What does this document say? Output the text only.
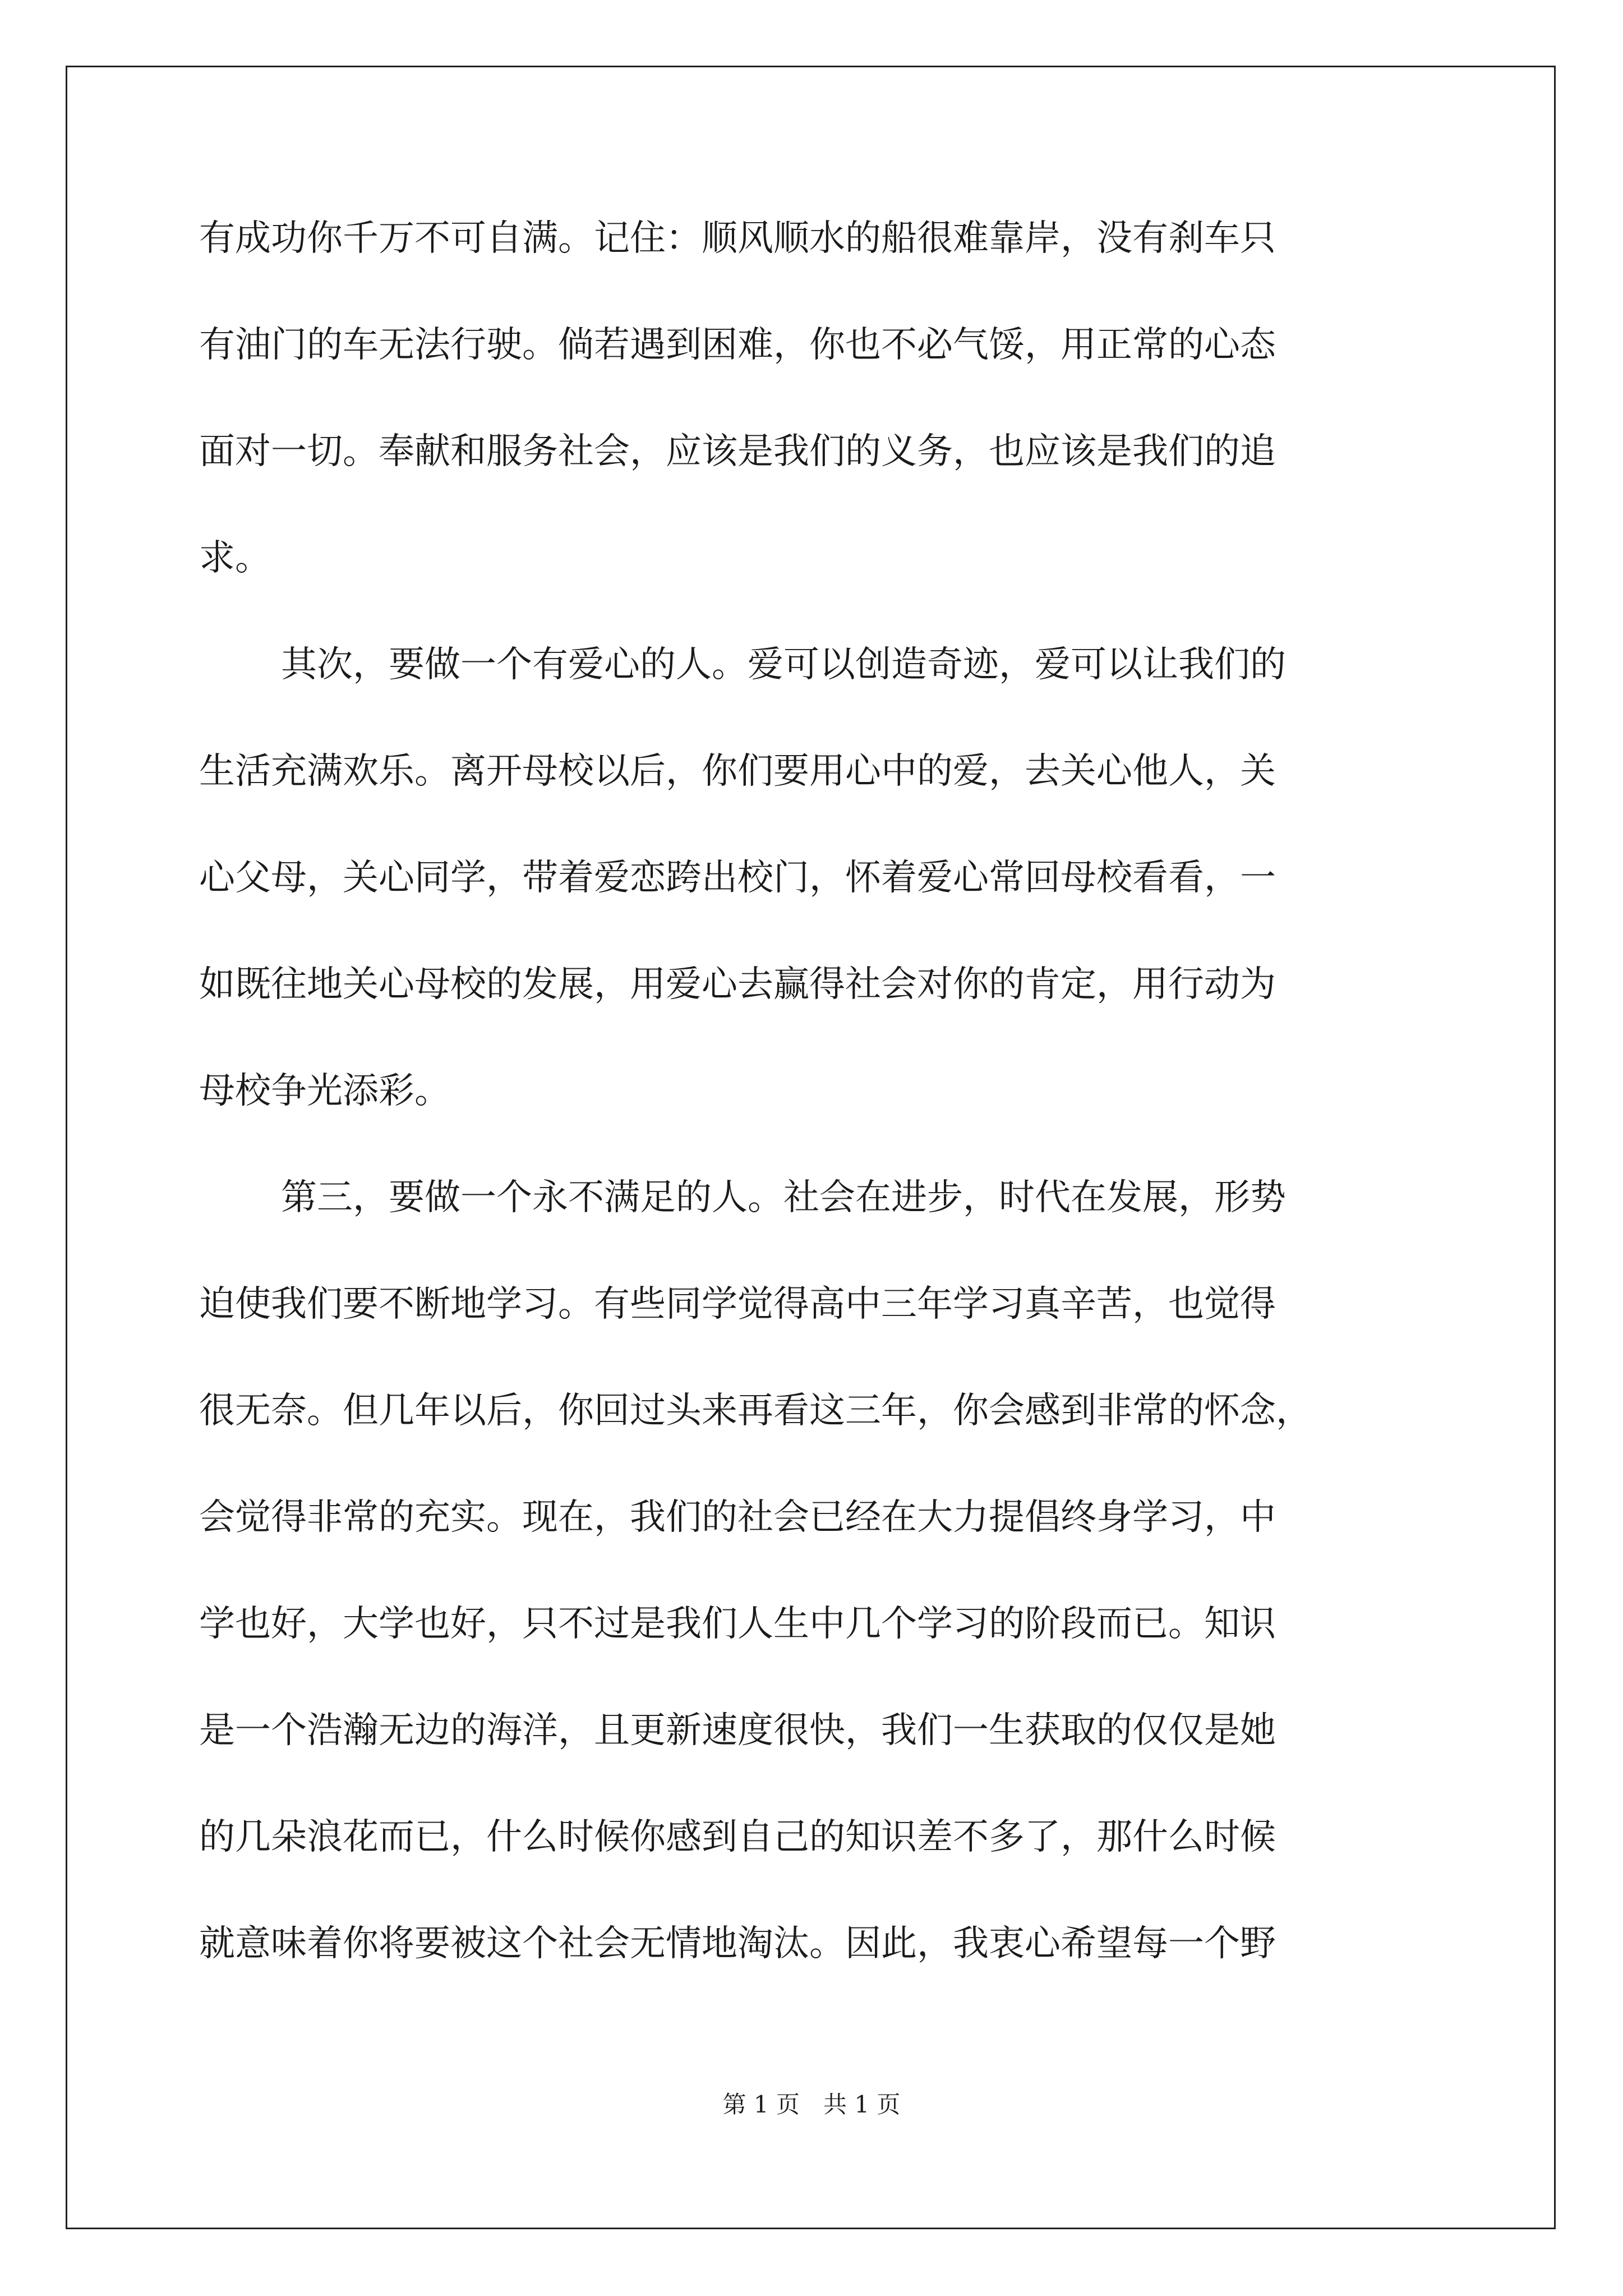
有成功你千万不可自满。记住：顺风顺水的船很难靠岸，没有刹车只
有油门的车无法行驶。倘若遇到困难，你也不必气馁，用正常的心态
面对一切。奉献和服务社会，应该是我们的义务，也应该是我们的追
求。
其次，要做一个有爱心的人。爱可以创造奇迹，爱可以让我们的
生活充满欢乐。离开母校以后，你们要用心中的爱，去关心他人，关
心父母，关心同学，带着爱恋跨出校门，怀着爱心常回母校看看，一
如既往地关心母校的发展，用爱心去赢得社会对你的肯定，用行动为
母校争光添彩。
第三，要做一个永不满足的人。社会在进步，时代在发展，形势
迫使我们要不断地学习。有些同学觉得高中三年学习真辛苦，也觉得
很无奈。但几年以后，你回过头来再看这三年，你会感到非常的怀念，
会觉得非常的充实。现在，我们的社会已经在大力提倡终身学习，中
学也好，大学也好，只不过是我们人生中几个学习的阶段而已。知识
是一个浩瀚无边的海洋，且更新速度很快，我们一生获取的仅仅是她
的几朵浪花而已，什么时候你感到自己的知识差不多了，那什么时候
就意味着你将要被这个社会无情地淘汰。因此，我衷心希望每一个野
第 1 页　共 1 页
